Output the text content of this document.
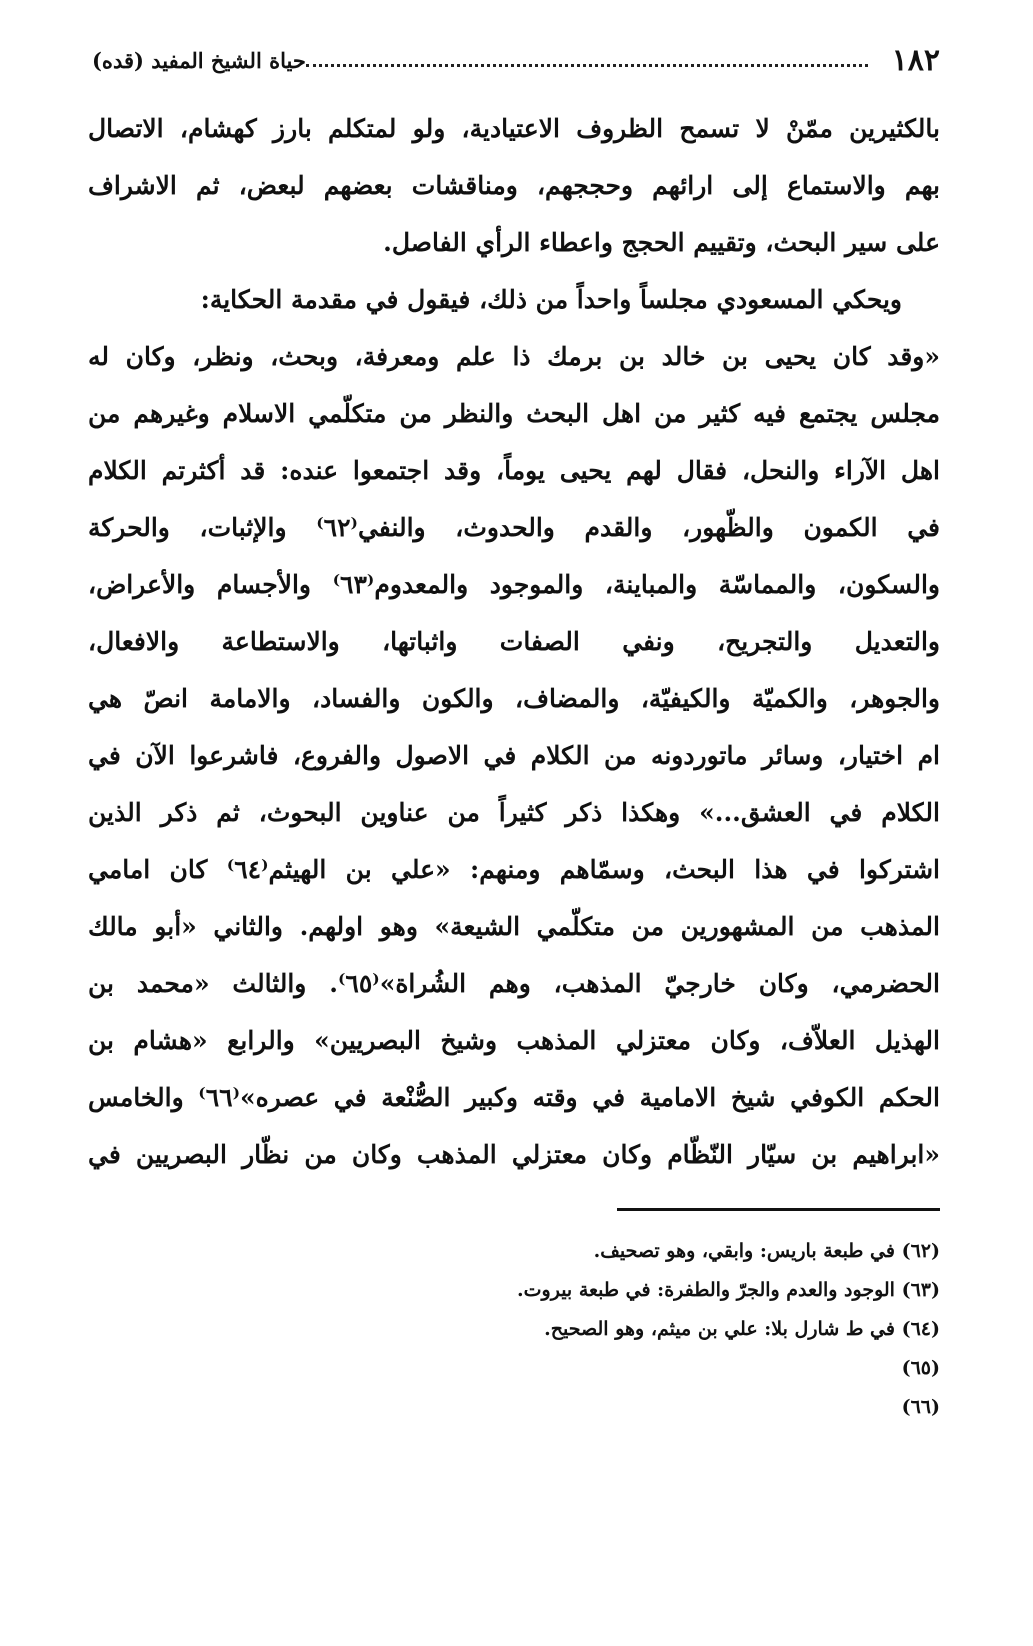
١٨٢
حياة الشيخ المفيد (قده)
بالكثيرين ممّنْ لا تسمح الظروف الاعتيادية، ولو لمتكلم بارز كهشام، الاتصال
بهم والاستماع إلى ارائهم وحججهم، ومناقشات بعضهم لبعض، ثم الاشراف
على سير البحث، وتقييم الحجج واعطاء الرأي الفاصل.
ويحكي المسعودي مجلساً واحداً من ذلك، فيقول في مقدمة الحكاية:
«وقد كان يحيى بن خالد بن برمك ذا علم ومعرفة، وبحث، ونظر، وكان له
مجلس يجتمع فيه كثير من اهل البحث والنظر من متكلّمي الاسلام وغيرهم من
اهل الآراء والنحل، فقال لهم يحيى يوماً، وقد اجتمعوا عنده: قد أكثرتم الكلام
في الكمون والظّهور، والقدم والحدوث، والنفي⁽٦٢⁾ والإثبات، والحركة
والسكون، والمماسّة والمباينة، والموجود والمعدوم⁽٦٣⁾ والأجسام والأعراض،
والتعديل والتجريح، ونفي الصفات واثباتها، والاستطاعة والافعال،
والجوهر، والكميّة والكيفيّة، والمضاف، والكون والفساد، والامامة انصّ هي
ام اختيار، وسائر ماتوردونه من الكلام في الاصول والفروع، فاشرعوا الآن في
الكلام في العشق...» وهكذا ذكر كثيراً من عناوين البحوث، ثم ذكر الذين
اشتركوا في هذا البحث، وسمّاهم ومنهم: «علي بن الهيثم⁽٦٤⁾ كان امامي
المذهب من المشهورين من متكلّمي الشيعة» وهو اولهم. والثاني «أبو مالك
الحضرمي، وكان خارجيّ المذهب، وهم الشُراة»⁽٦٥⁾. والثالث «محمد بن
الهذيل العلاّف، وكان معتزلي المذهب وشيخ البصريين» والرابع «هشام بن
الحكم الكوفي شيخ الامامية في وقته وكبير الصُّنْعة في عصره»⁽٦٦⁾ والخامس
«ابراهيم بن سيّار النّظّام وكان معتزلي المذهب وكان من نظّار البصريين في
(٦٢) في طبعة باريس: وابقي، وهو تصحيف.
(٦٣) الوجود والعدم والجرّ والطفرة: في طبعة بيروت.
(٦٤) في ط شارل بلا: علي بن ميثم، وهو الصحيح.
(٦٥)
(٦٦)
